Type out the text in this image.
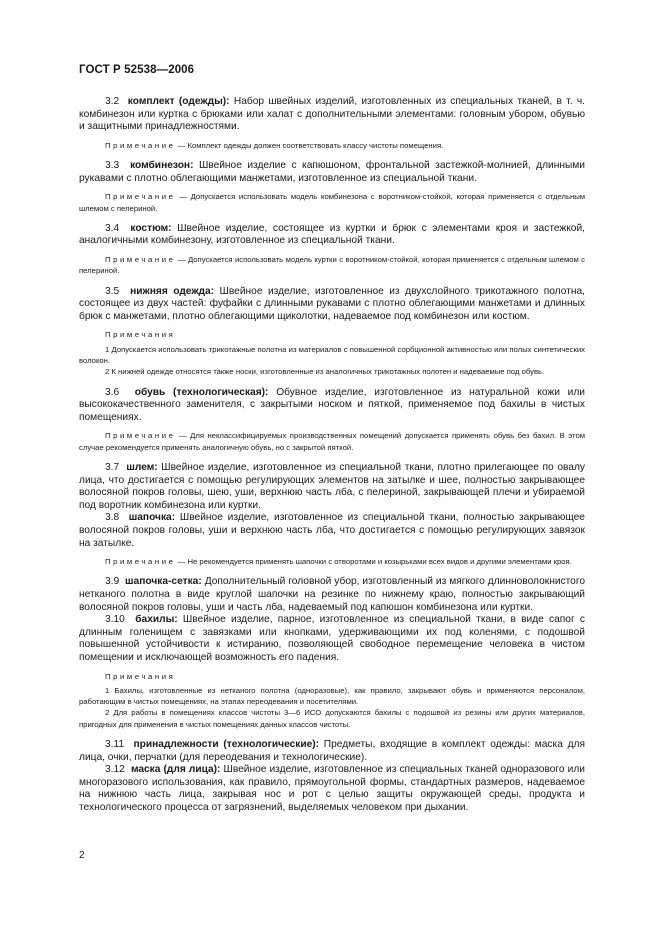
ГОСТ Р 52538—2006

3.2 комплект (одежды): Набор швейных изделий, изготовленных из специальных тканей, в т. ч. комбинезон или куртка с брюками или халат с дополнительными элементами: головным убором, обувью и защитными принадлежностями.

Примечание — Комплект одежды должен соответствовать классу чистоты помещения.

3.3 комбинезон: Швейное изделие с капюшоном, фронтальной застежкой-молнией, длинными рукавами с плотно облегающими манжетами, изготовленное из специальной ткани.

Примечание — Допускается использовать модель комбинезона с воротником-стойкой, которая применяется с отдельным шлемом с пелериной.

3.4 костюм: Швейное изделие, состоящее из куртки и брюк с элементами кроя и застежкой, аналогичными комбинезону, изготовленное из специальной ткани.

Примечание — Допускается использовать модель куртки с воротником-стойкой, которая применяется с отдельным шлемом с пелериной.

3.5 нижняя одежда: Швейное изделие, изготовленное из двухслойного трикотажного полотна, состоящее из двух частей: фуфайки с длинными рукавами с плотно облегающими манжетами и длинных брюк с манжетами, плотно облегающими щиколотки, надеваемое под комбинезон или костюм.

Примечания

1 Допускается использовать трикотажные полотна из материалов с повышенной сорбционной активностью или полых синтетических волокон.

2 К нижней одежде относятся также носки, изготовленные из аналогичных трикотажных полотен и надеваемые под обувь.

3.6 обувь (технологическая): Обувное изделие, изготовленное из натуральной кожи или высококачественного заменителя, с закрытыми носком и пяткой, применяемое под бахилы в чистых помещениях.

Примечание — Для неклассифицируемых производственных помещений допускается применять обувь без бахил. В этом случае рекомендуется применять аналогичную обувь, но с закрытой пяткой.

3.7 шлем: Швейное изделие, изготовленное из специальной ткани, плотно прилегающее по овалу лица, что достигается с помощью регулирующих элементов на затылке и шее, полностью закрывающее волосяной покров головы, шею, уши, верхнюю часть лба, с пелериной, закрывающей плечи и убираемой под воротник комбинезона или куртки.

3.8 шапочка: Швейное изделие, изготовленное из специальной ткани, полностью закрывающее волосяной покров головы, уши и верхнюю часть лба, что достигается с помощью регулирующих завязок на затылке.

Примечание — Не рекомендуется применять шапочки с отворотами и козырьками всех видов и другими элементами кроя.

3.9 шапочка-сетка: Дополнительный головной убор, изготовленный из мягкого длинноволокнистого нетканого полотна в виде круглой шапочки на резинке по нижнему краю, полностью закрывающий волосяной покров головы, уши и часть лба, надеваемый под капюшон комбинезона или куртки.

3.10 бахилы: Швейное изделие, парное, изготовленное из специальной ткани, в виде сапог с длинным голенищем с завязками или кнопками, удерживающими их под коленями, с подошвой повышенной устойчивости к истиранию, позволяющей свободное перемещение человека в чистом помещении и исключающей возможность его падения.

Примечания

1 Бахилы, изготовленные из нетканого полотна (одноразовые), как правило, закрывают обувь и применяются персоналом, работающим в чистых помещениях, на этапах переодевания и посетителями.

2 Для работы в помещениях классов чистоты 3—6 ИСО допускаются бахилы с подошвой из резины или других материалов, пригодных для применения в чистых помещениях данных классов чистоты.

3.11 принадлежности (технологические): Предметы, входящие в комплект одежды: маска для лица, очки, перчатки (для переодевания и технологические).

3.12 маска (для лица): Швейное изделие, изготовленное из специальных тканей одноразового или многоразового использования, как правило, прямоугольной формы, стандартных размеров, надеваемое на нижнюю часть лица, закрывая нос и рот с целью защиты окружающей среды, продукта и технологического процесса от загрязнений, выделяемых человеком при дыхании.

2
